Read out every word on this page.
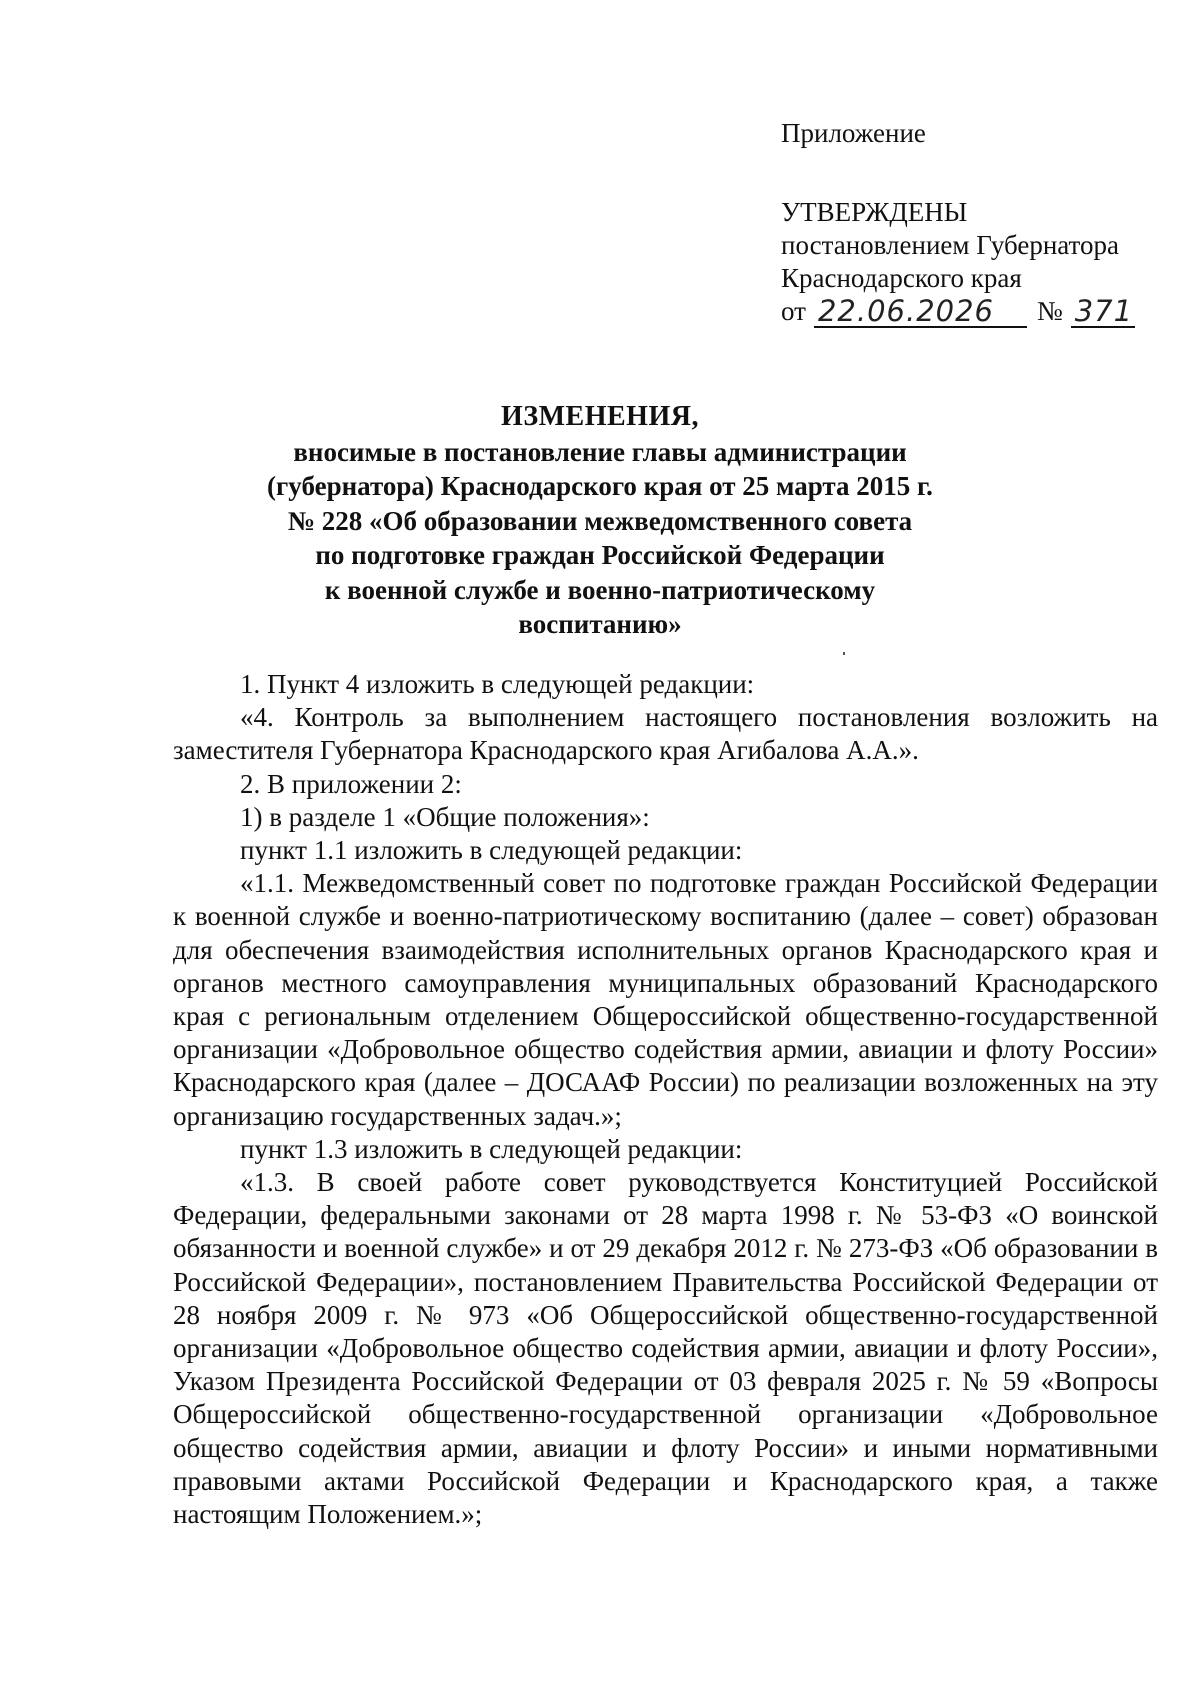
Приложение
УТВЕРЖДЕНЫ
постановлением Губернатора
Краснодарского края
от 22.06.2026	№ 371
ИЗМЕНЕНИЯ,
вносимые в постановление главы администрации
(губернатора) Краснодарского края от 25 марта 2015 г.
№ 228 «Об образовании межведомственного совета
по подготовке граждан Российской Федерации
к военной службе и военно-патриотическому
воспитанию»

1. Пункт 4 изложить в следующей редакции:

«4. Контроль за выполнением настоящего постановления возложить на заместителя Губернатора Краснодарского края Агибалова А.А.».

2. В приложении 2:

1) в разделе 1 «Общие положения»:

пункт 1.1 изложить в следующей редакции:

«1.1. Межведомственный совет по подготовке граждан Российской Федерации к военной службе и военно-патриотическому воспитанию (далее – совет) образован для обеспечения взаимодействия исполнительных органов Краснодарского края и органов местного самоуправления муниципальных образований Краснодарского края с региональным отделением Общероссийской общественно-государственной организации «Добровольное общество содействия армии, авиации и флоту России» Краснодарского края (далее – ДОСААФ России) по реализации возложенных на эту организацию государственных задач.»;

пункт 1.3 изложить в следующей редакции:

«1.3. В своей работе совет руководствуется Конституцией Российской Федерации, федеральными законами от 28 марта 1998 г. № 53-ФЗ «О воинской обязанности и военной службе» и от 29 декабря 2012 г. № 273-ФЗ «Об образовании в Российской Федерации», постановлением Правительства Российской Федерации от 28 ноября 2009 г. № 973 «Об Общероссийской общественно-государственной организации «Добровольное общество содействия армии, авиации и флоту России», Указом Президента Российской Федерации от 03 февраля 2025 г. № 59 «Вопросы Общероссийской общественно-государственной организации «Добровольное общество содействия армии, авиации и флоту России» и иными нормативными правовыми актами Российской Федерации и Краснодарского края, а также настоящим Положением.»;
